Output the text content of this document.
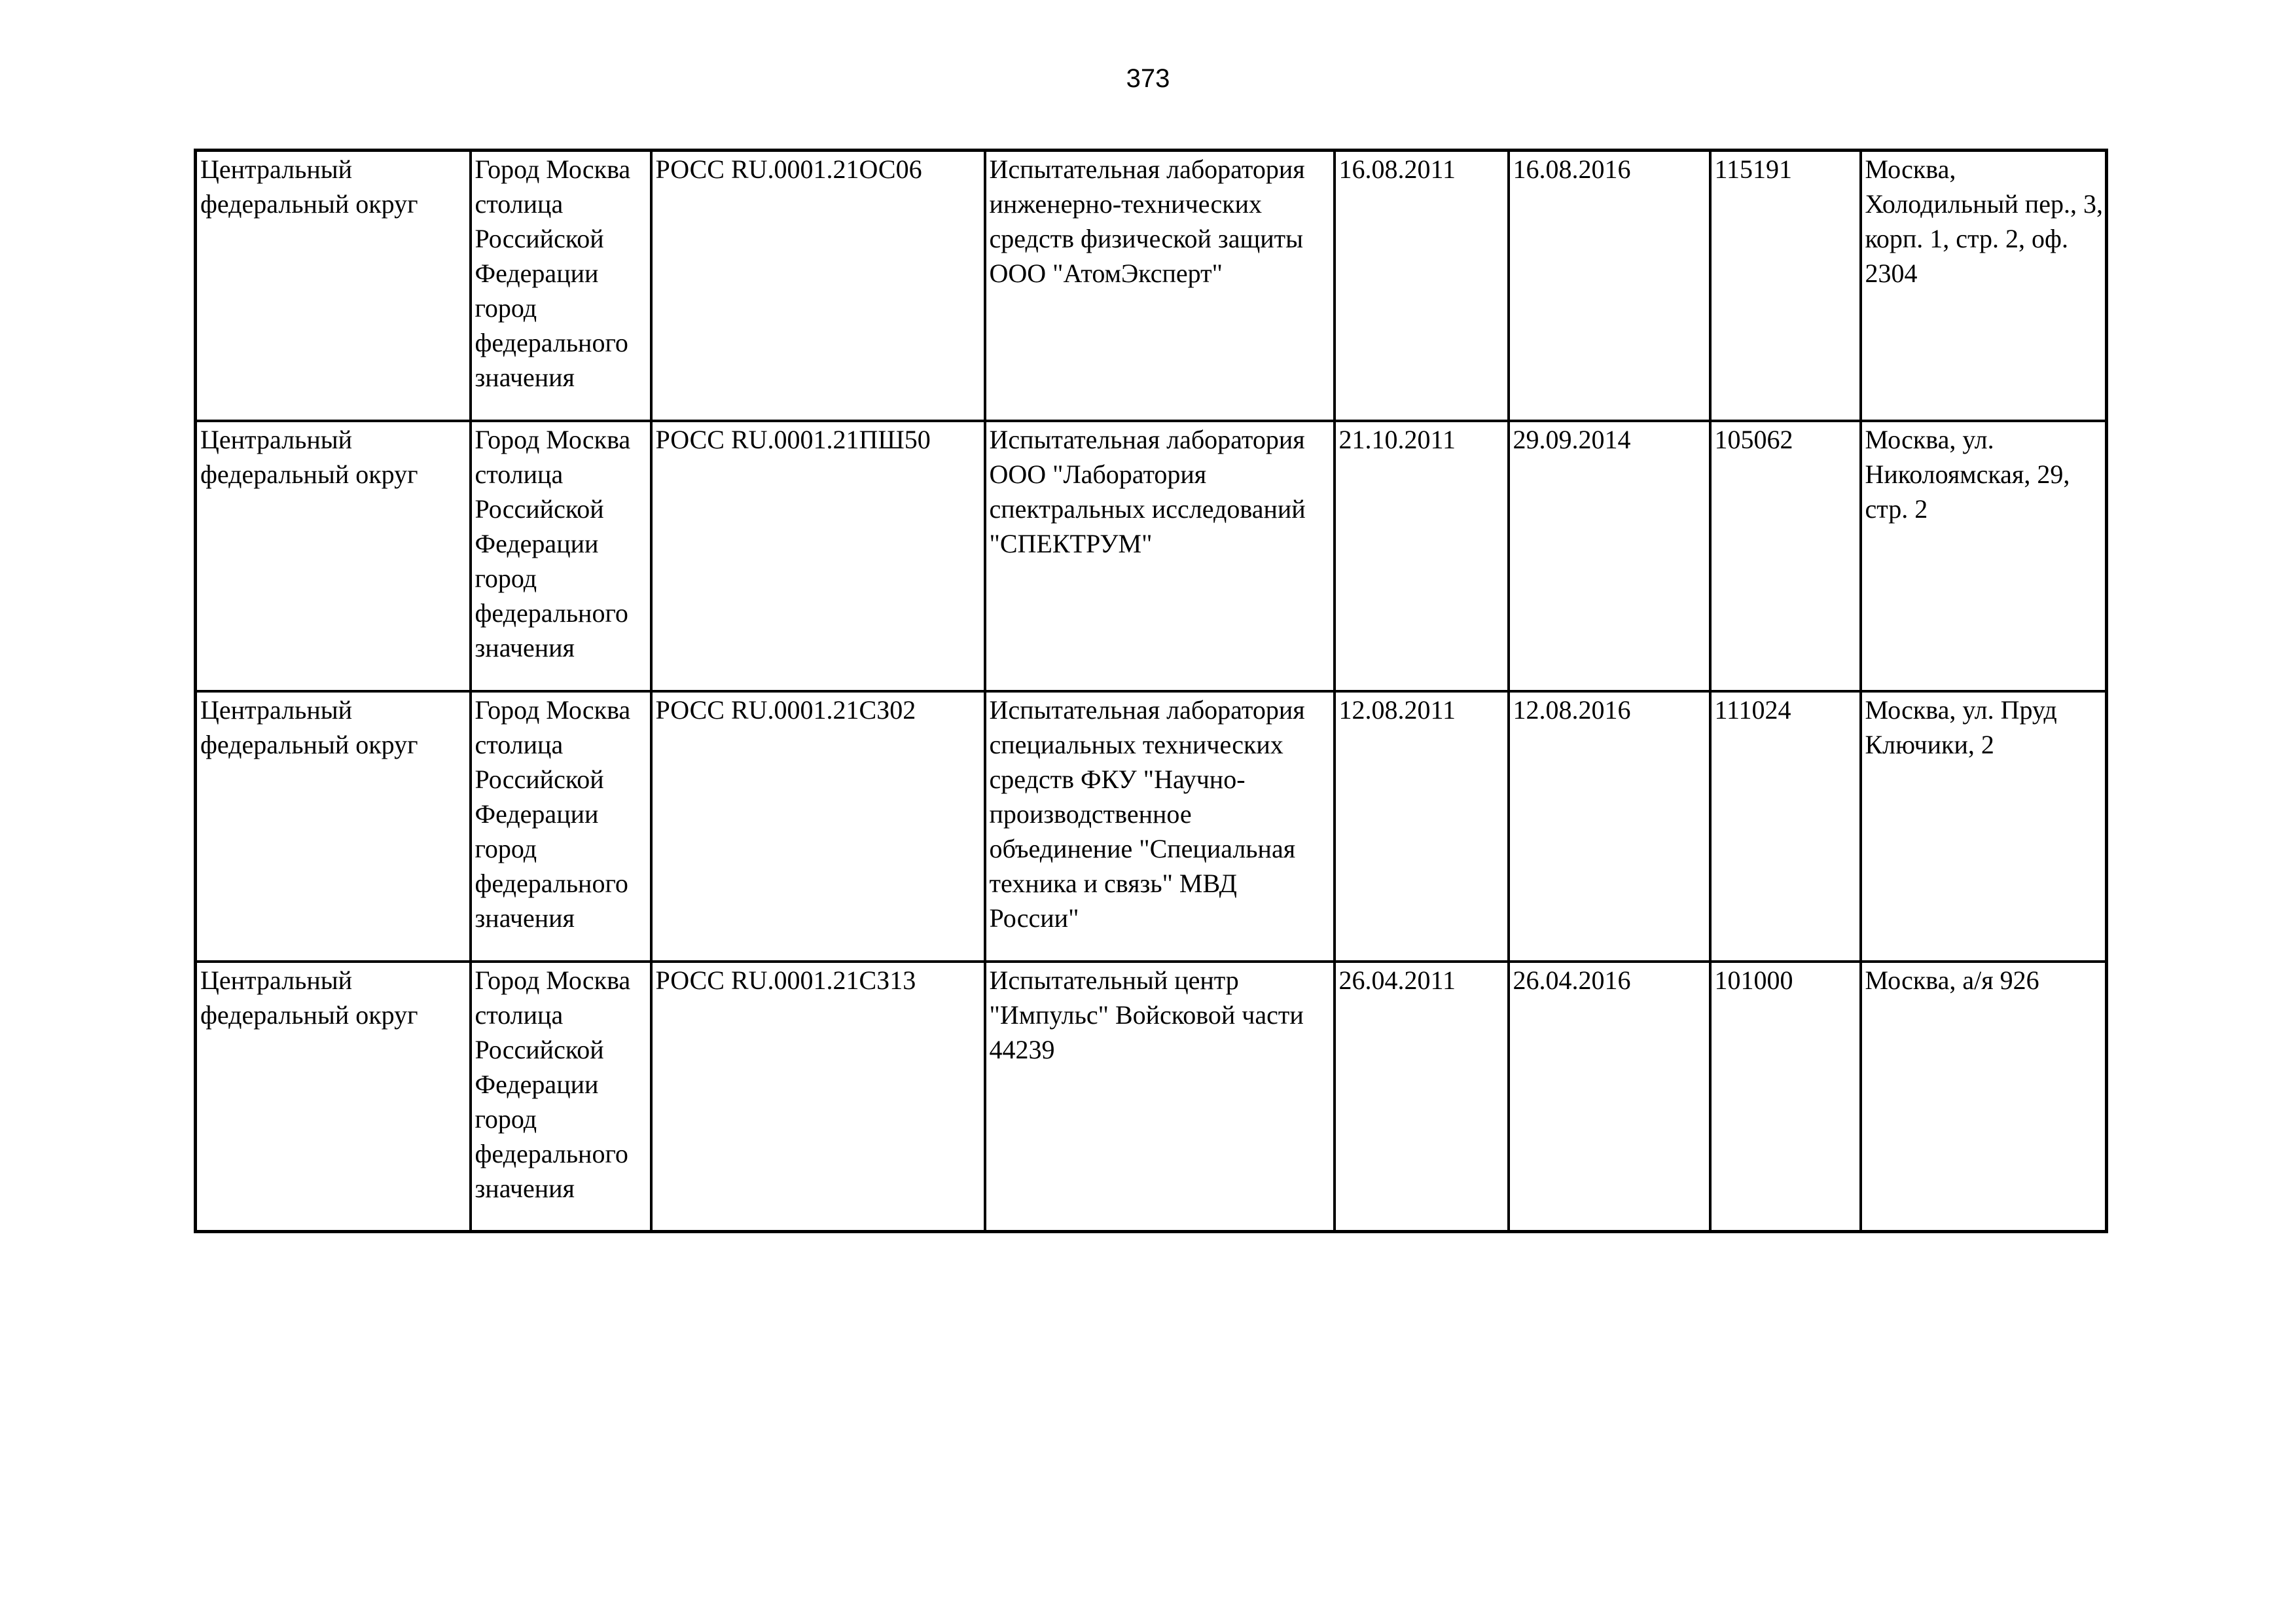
373
Центральный федеральный округ	Город Москва столица Российской Федерации город федерального значения	РОСС RU.0001.21ОС06	Испытательная лаборатория инженерно-технических средств физической защиты ООО "АтомЭксперт"	16.08.2011	16.08.2016	115191	Москва, Холодильный пер., 3, корп. 1, стр. 2, оф. 2304

Центральный федеральный округ	Город Москва столица Российской Федерации город федерального значения	РОСС RU.0001.21ПШ50	Испытательная лаборатория ООО "Лаборатория спектральных исследований "СПЕКТРУМ"	21.10.2011	29.09.2014	105062	Москва, ул. Николоямская, 29, стр. 2

Центральный федеральный округ	Город Москва столица Российской Федерации город федерального значения	РОСС RU.0001.21СЗ02	Испытательная лаборатория специальных технических средств ФКУ "Научно-производственное объединение "Специальная техника и связь" МВД России"	12.08.2011	12.08.2016	111024	Москва, ул. Пруд Ключики, 2

Центральный федеральный округ	Город Москва столица Российской Федерации город федерального значения	РОСС RU.0001.21СЗ13	Испытательный центр "Импульс" Войсковой части 44239	26.04.2011	26.04.2016	101000	Москва, а/я 926
